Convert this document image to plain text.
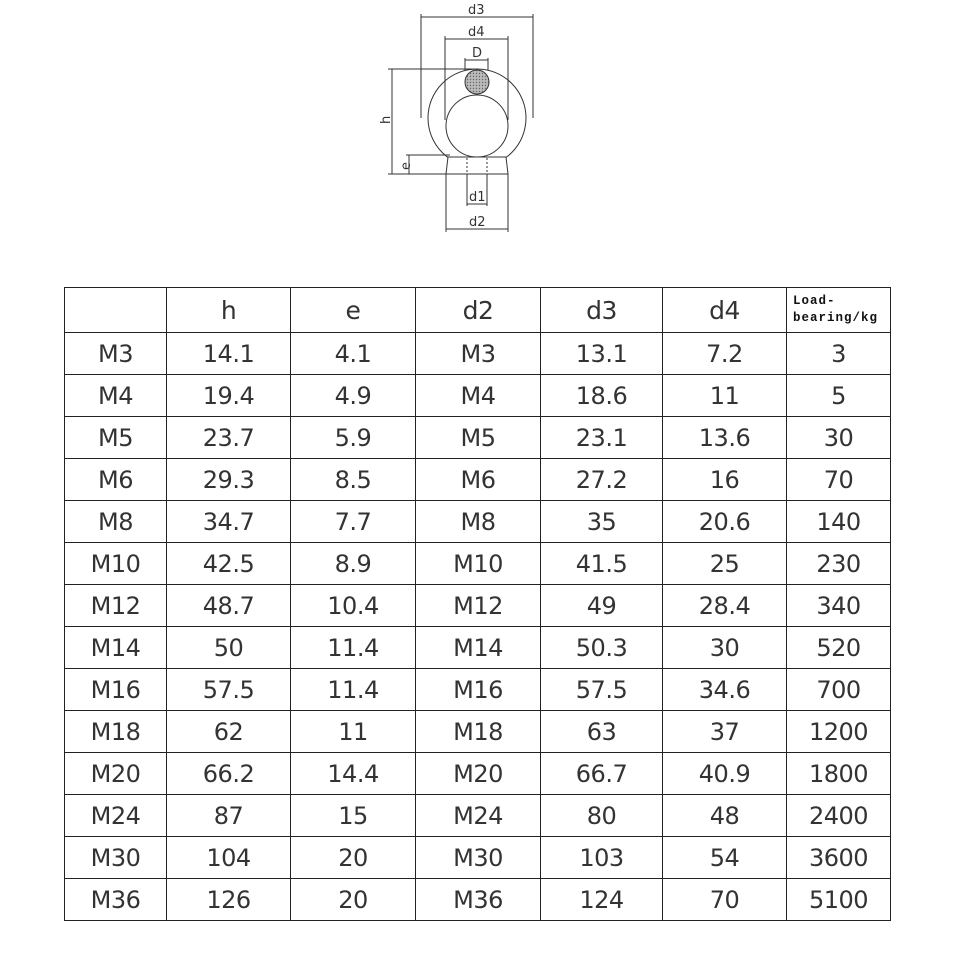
d3
d4
D
h
e
d1
d2
	h	e	d2	d3	d4	Load-
bearing/kg
M3	14.1	4.1	M3	13.1	7.2	3
M4	19.4	4.9	M4	18.6	11	5
M5	23.7	5.9	M5	23.1	13.6	30
M6	29.3	8.5	M6	27.2	16	70
M8	34.7	7.7	M8	35	20.6	140
M10	42.5	8.9	M10	41.5	25	230
M12	48.7	10.4	M12	49	28.4	340
M14	50	11.4	M14	50.3	30	520
M16	57.5	11.4	M16	57.5	34.6	700
M18	62	11	M18	63	37	1200
M20	66.2	14.4	M20	66.7	40.9	1800
M24	87	15	M24	80	48	2400
M30	104	20	M30	103	54	3600
M36	126	20	M36	124	70	5100
